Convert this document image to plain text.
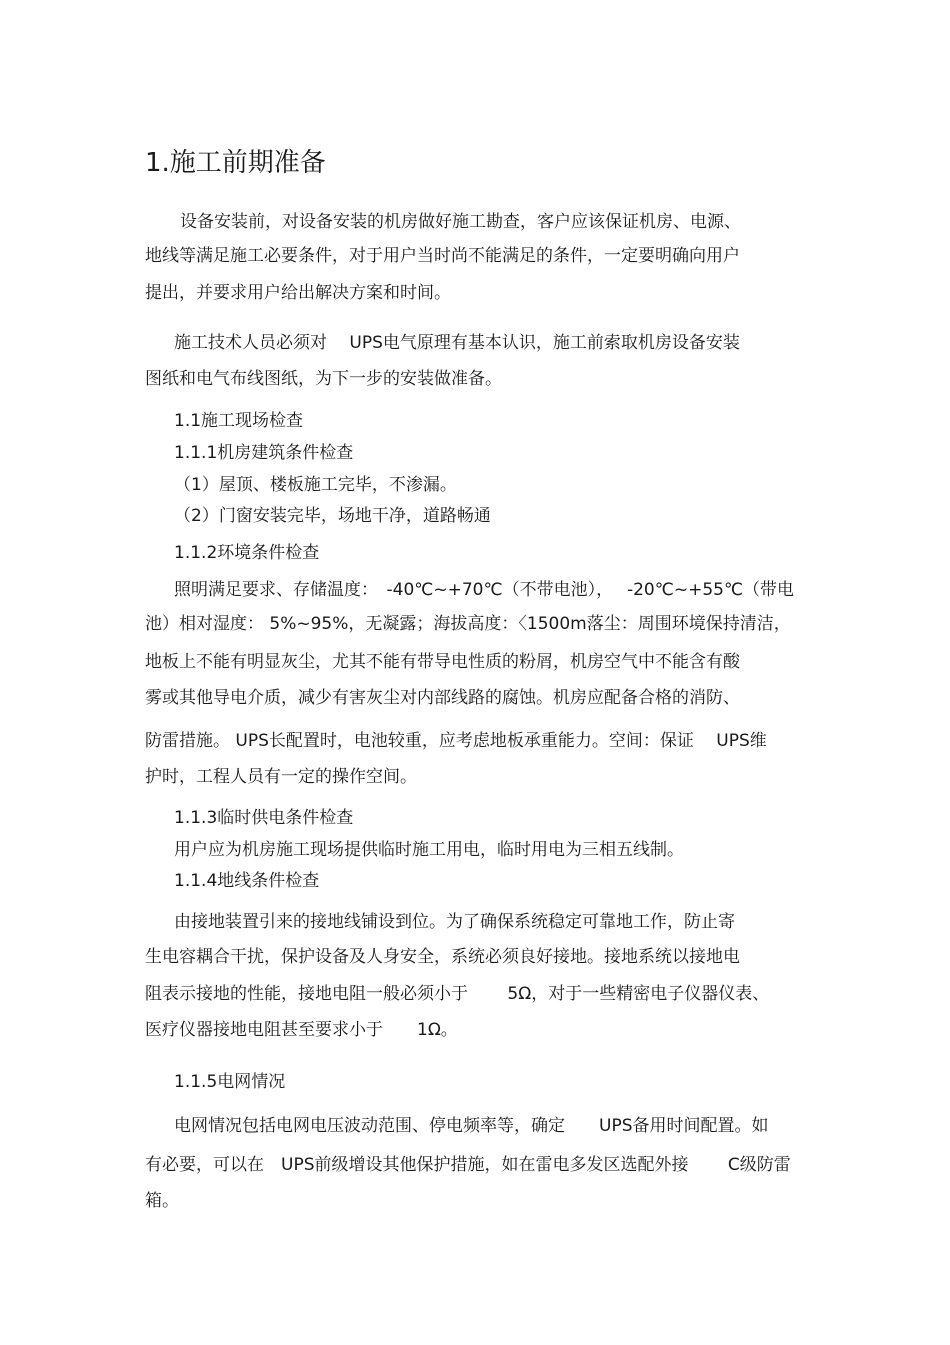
1.施工前期准备

设备安装前，对设备安装的机房做好施工勘查，客户应该保证机房、电源、

地线等满足施工必要条件，对于用户当时尚不能满足的条件，一定要明确向用户

提出，并要求用户给出解决方案和时间。

施工技术人员必须对　 UPS电气原理有基本认识，施工前索取机房设备安装

图纸和电气布线图纸，为下一步的安装做准备。

1.1施工现场检查

1.1.1机房建筑条件检查

（1）屋顶、楼板施工完毕，不渗漏。

（2）门窗安装完毕，场地干净，道路畅通

1.1.2环境条件检查

照明满足要求、存储温度：　-40℃~+70℃（不带电池），　 -20℃~+55℃（带电

池）相对湿度： 5%~95%，无凝露；海拔高度：〈1500m落尘：周围环境保持清洁，

地板上不能有明显灰尘，尤其不能有带导电性质的粉屑，机房空气中不能含有酸

雾或其他导电介质，减少有害灰尘对内部线路的腐蚀。机房应配备合格的消防、

防雷措施。 UPS长配置时，电池较重，应考虑地板承重能力。空间：保证　 UPS维

护时，工程人员有一定的操作空间。

1.1.3临时供电条件检查

用户应为机房施工现场提供临时施工用电，临时用电为三相五线制。

1.1.4地线条件检查

由接地装置引来的接地线铺设到位。为了确保系统稳定可靠地工作，防止寄

生电容耦合干扰，保护设备及人身安全，系统必须良好接地。接地系统以接地电

阻表示接地的性能，接地电阻一般必须小于　　 5Ω，对于一些精密电子仪器仪表、

医疗仪器接地电阻甚至要求小于　　1Ω。

1.1.5电网情况

电网情况包括电网电压波动范围、停电频率等，确定　　UPS备用时间配置。如

有必要，可以在　UPS前级增设其他保护措施，如在雷电多发区选配外接　　 C级防雷

箱。
